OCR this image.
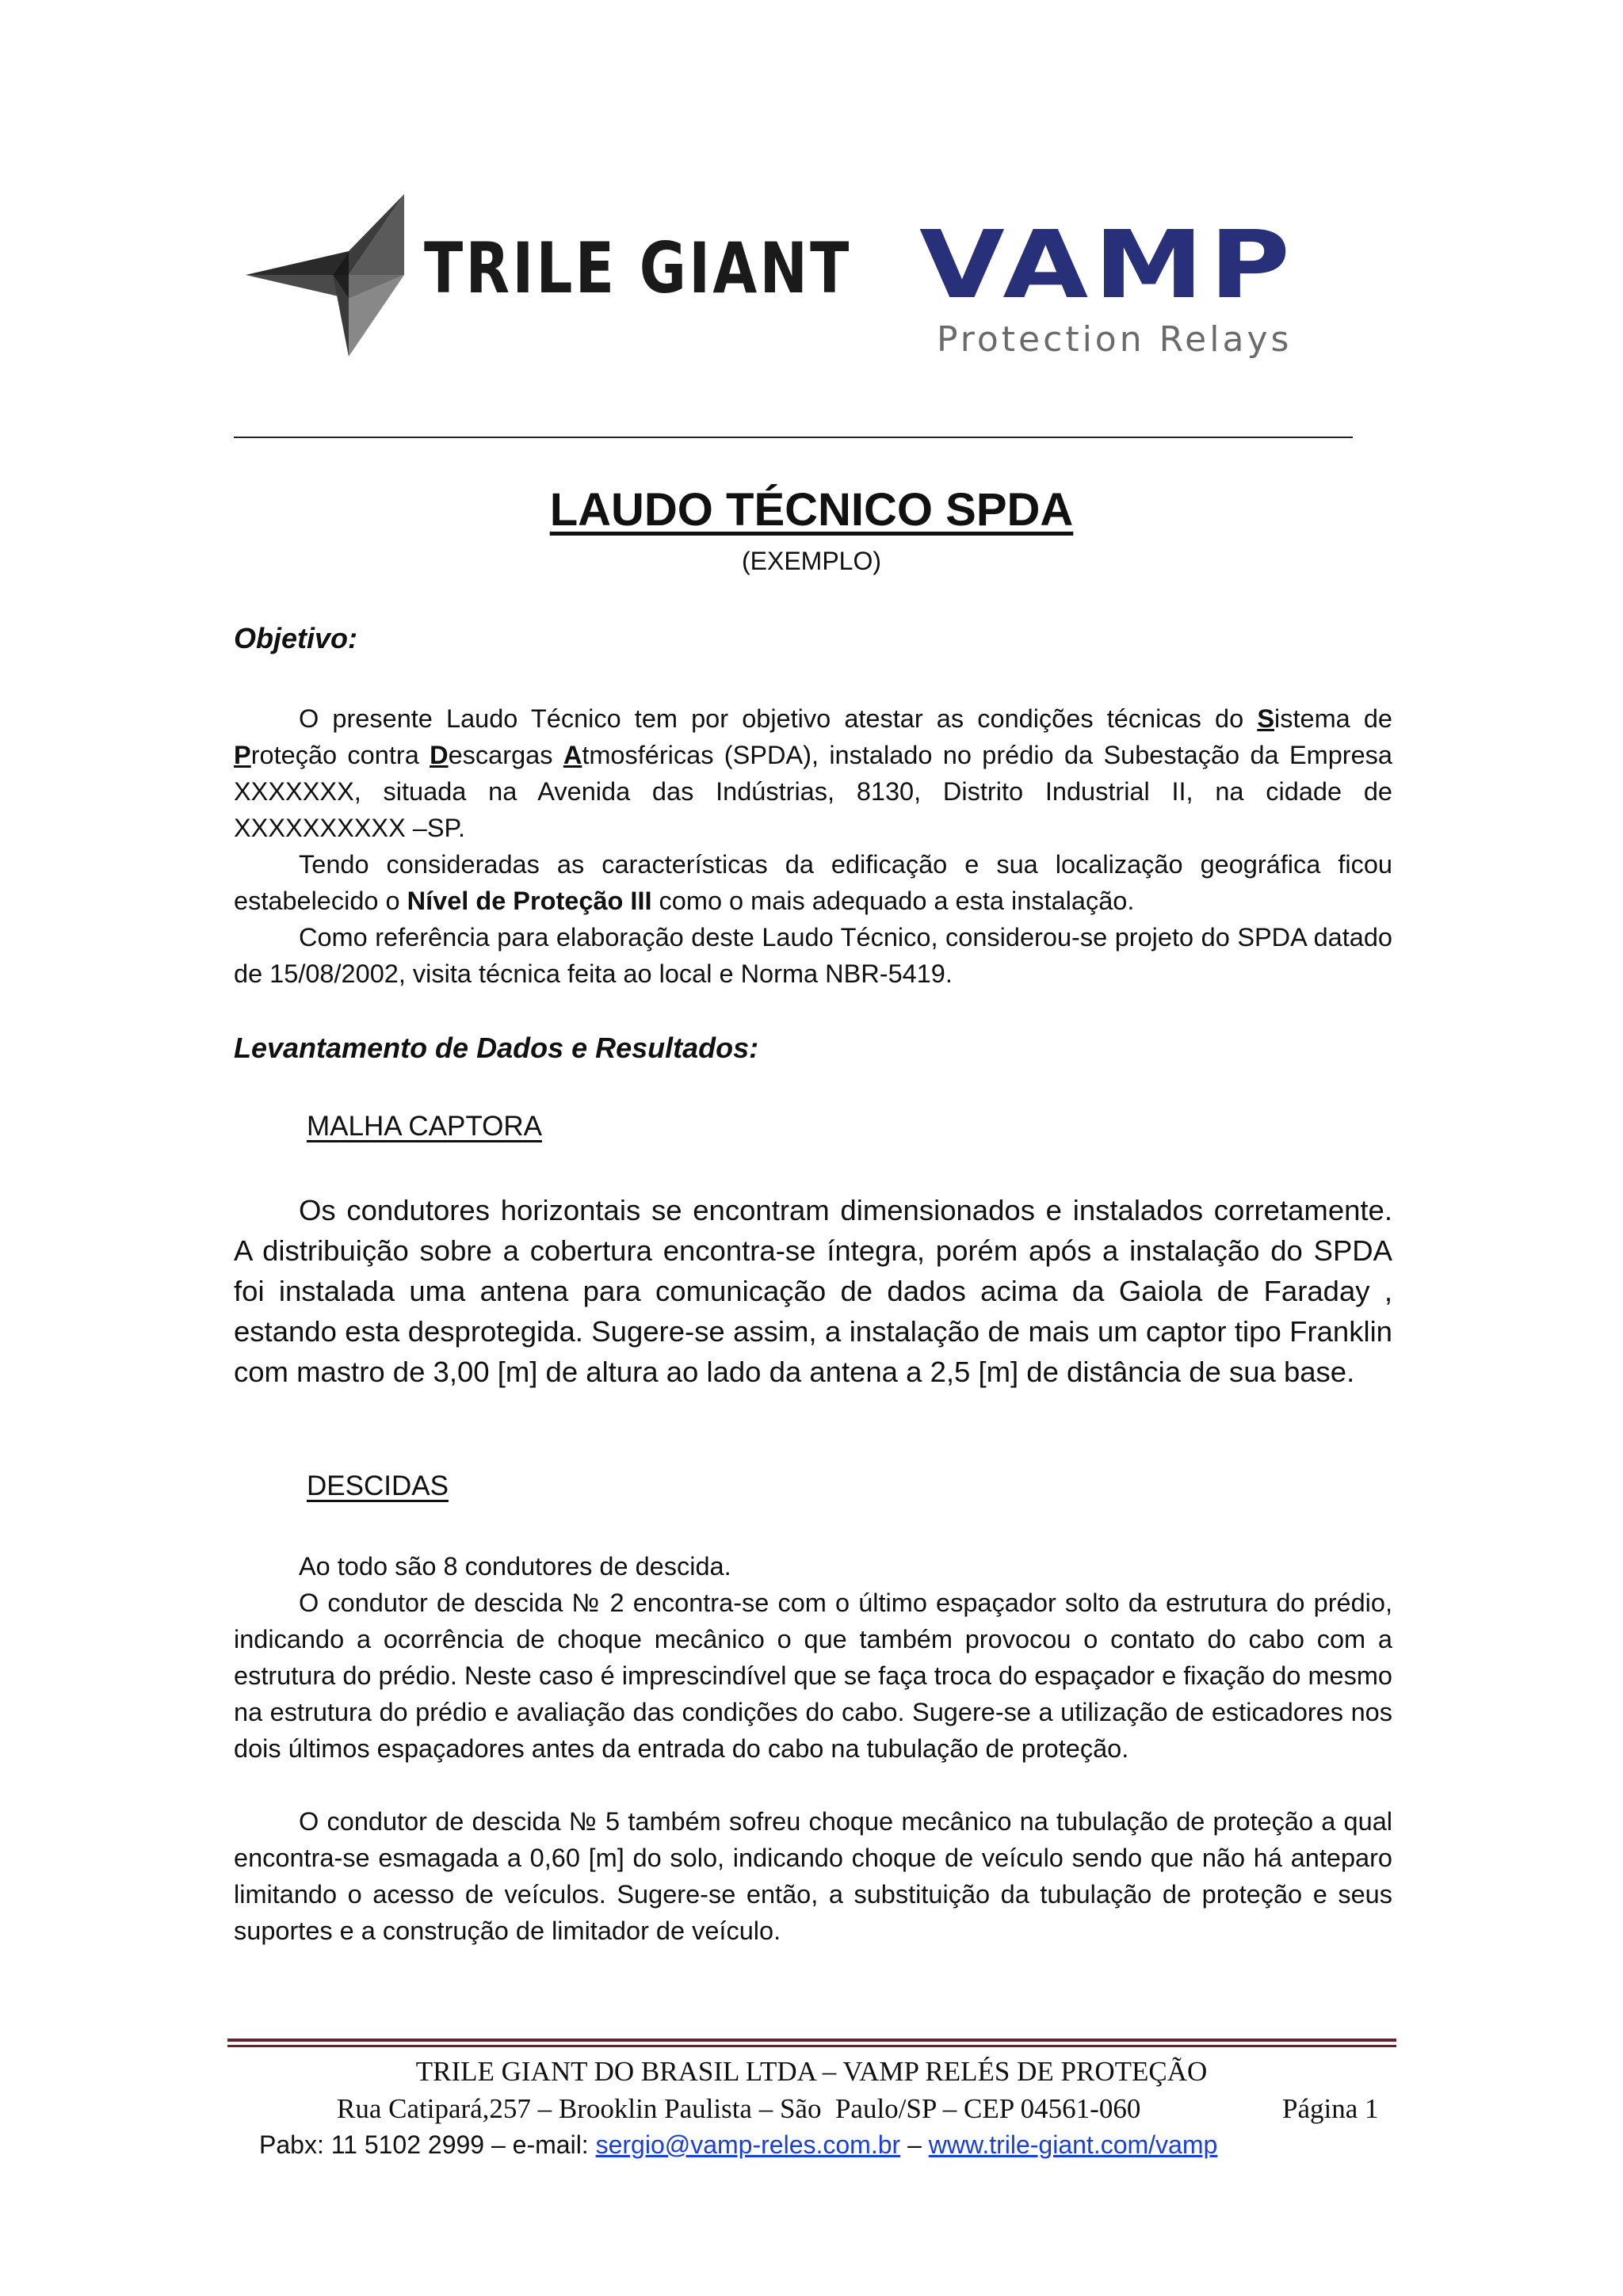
TRILE GIANT VAMP
Protection Relays
LAUDO TÉCNICO SPDA
(EXEMPLO)
Objetivo:

O presente Laudo Técnico tem por objetivo atestar as condições técnicas do Sistema de Proteção contra Descargas Atmosféricas (SPDA), instalado no prédio da Subestação da Empresa XXXXXXX, situada na Avenida das Indústrias, 8130, Distrito Industrial II, na cidade de XXXXXXXXXX –SP.

Tendo consideradas as características da edificação e sua localização geográfica ficou estabelecido o Nível de Proteção III como o mais adequado a esta instalação.

Como referência para elaboração deste Laudo Técnico, considerou-se projeto do SPDA datado de 15/08/2002, visita técnica feita ao local e Norma NBR-5419.

Levantamento de Dados e Resultados:
MALHA CAPTORA

Os condutores horizontais se encontram dimensionados e instalados corretamente. A distribuição sobre a cobertura encontra-se íntegra, porém após a instalação do SPDA foi instalada uma antena para comunicação de dados acima da Gaiola de Faraday , estando esta desprotegida. Sugere-se assim, a instalação de mais um captor tipo Franklin com mastro de 3,00 [m] de altura ao lado da antena a 2,5 [m] de distância de sua base.

DESCIDAS

Ao todo são 8 condutores de descida.

O condutor de descida № 2 encontra-se com o último espaçador solto da estrutura do prédio, indicando a ocorrência de choque mecânico o que também provocou o contato do cabo com a estrutura do prédio. Neste caso é imprescindível que se faça troca do espaçador e fixação do mesmo na estrutura do prédio e avaliação das condições do cabo. Sugere-se a utilização de esticadores nos dois últimos espaçadores antes da entrada do cabo na tubulação de proteção.

O condutor de descida № 5 também sofreu choque mecânico na tubulação de proteção a qual encontra-se esmagada a 0,60 [m] do solo, indicando choque de veículo sendo que não há anteparo limitando o acesso de veículos. Sugere-se então, a substituição da tubulação de proteção e seus suportes e a construção de limitador de veículo.

TRILE GIANT DO BRASIL LTDA – VAMP RELÉS DE PROTEÇÃO
Rua Catipará,257 – Brooklin Paulista – São  Paulo/SP – CEP 04561-060	Página 1
Pabx: 11 5102 2999 – e-mail: sergio@vamp-reles.com.br – www.trile-giant.com/vamp
